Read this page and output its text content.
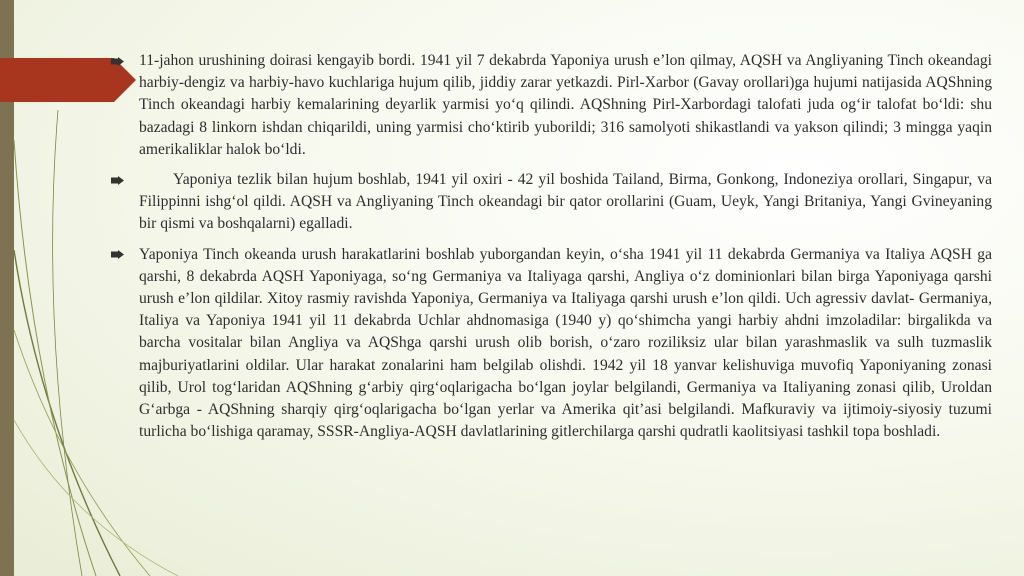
11-jahon urushining doirasi kengayib bordi. 1941 yil 7 dekabrda Yaponiya urush e’lon qilmay, AQSH va Angliyaning Tinch okeandagi harbiy-dengiz va harbiy-havo kuchlariga hujum qilib, jiddiy zarar yetkazdi. Pirl-Xarbor (Gavay orollari)ga hujumi natijasida AQShning Tinch okeandagi harbiy kemalarining deyarlik yarmisi yo‘q qilindi. AQShning Pirl-Xarbordagi talofati juda og‘ir talofat bo‘ldi: shu bazadagi 8 linkorn ishdan chiqarildi, uning yarmisi cho‘ktirib yuborildi; 316 samolyoti shikastlandi va yakson qilindi; 3 mingga yaqin amerikaliklar halok bo‘ldi.

Yaponiya tezlik bilan hujum boshlab, 1941 yil oxiri - 42 yil boshida Tailand, Birma, Gonkong, Indoneziya orollari, Singapur, va Filippinni ishg‘ol qildi. AQSH va Angliyaning Tinch okeandagi bir qator orollarini (Guam, Ueyk, Yangi Britaniya, Yangi Gvineyaning bir qismi va boshqalarni) egalladi.

Yaponiya Tinch okeanda urush harakatlarini boshlab yuborgandan keyin, o‘sha 1941 yil 11 dekabrda Germaniya va Italiya AQSH ga qarshi, 8 dekabrda AQSH Yaponiyaga, so‘ng Germaniya va Italiyaga qarshi, Angliya o‘z dominionlari bilan birga Yaponiyaga qarshi urush e’lon qildilar. Xitoy rasmiy ravishda Yaponiya, Germaniya va Italiyaga qarshi urush e’lon qildi. Uch agressiv davlat- Germaniya, Italiya va Yaponiya 1941 yil 11 dekabrda Uchlar ahdnomasiga (1940 y) qo‘shimcha yangi harbiy ahdni imzoladilar: birgalikda va barcha vositalar bilan Angliya va AQShga qarshi urush olib borish, o‘zaro roziliksiz ular bilan yarashmaslik va sulh tuzmaslik majburiyatlarini oldilar. Ular harakat zonalarini ham belgilab olishdi. 1942 yil 18 yanvar kelishuviga muvofiq Yaponiyaning zonasi qilib, Urol tog‘laridan AQShning g‘arbiy qirg‘oqlarigacha bo‘lgan joylar belgilandi, Germaniya va Italiyaning zonasi qilib, Uroldan G‘arbga - AQShning sharqiy qirg‘oqlarigacha bo‘lgan yerlar va Amerika qit’asi belgilandi. Mafkuraviy va ijtimoiy-siyosiy tuzumi turlicha bo‘lishiga qaramay, SSSR-Angliya-AQSH davlatlarining gitlerchilarga qarshi qudratli kaolitsiyasi tashkil topa boshladi.
